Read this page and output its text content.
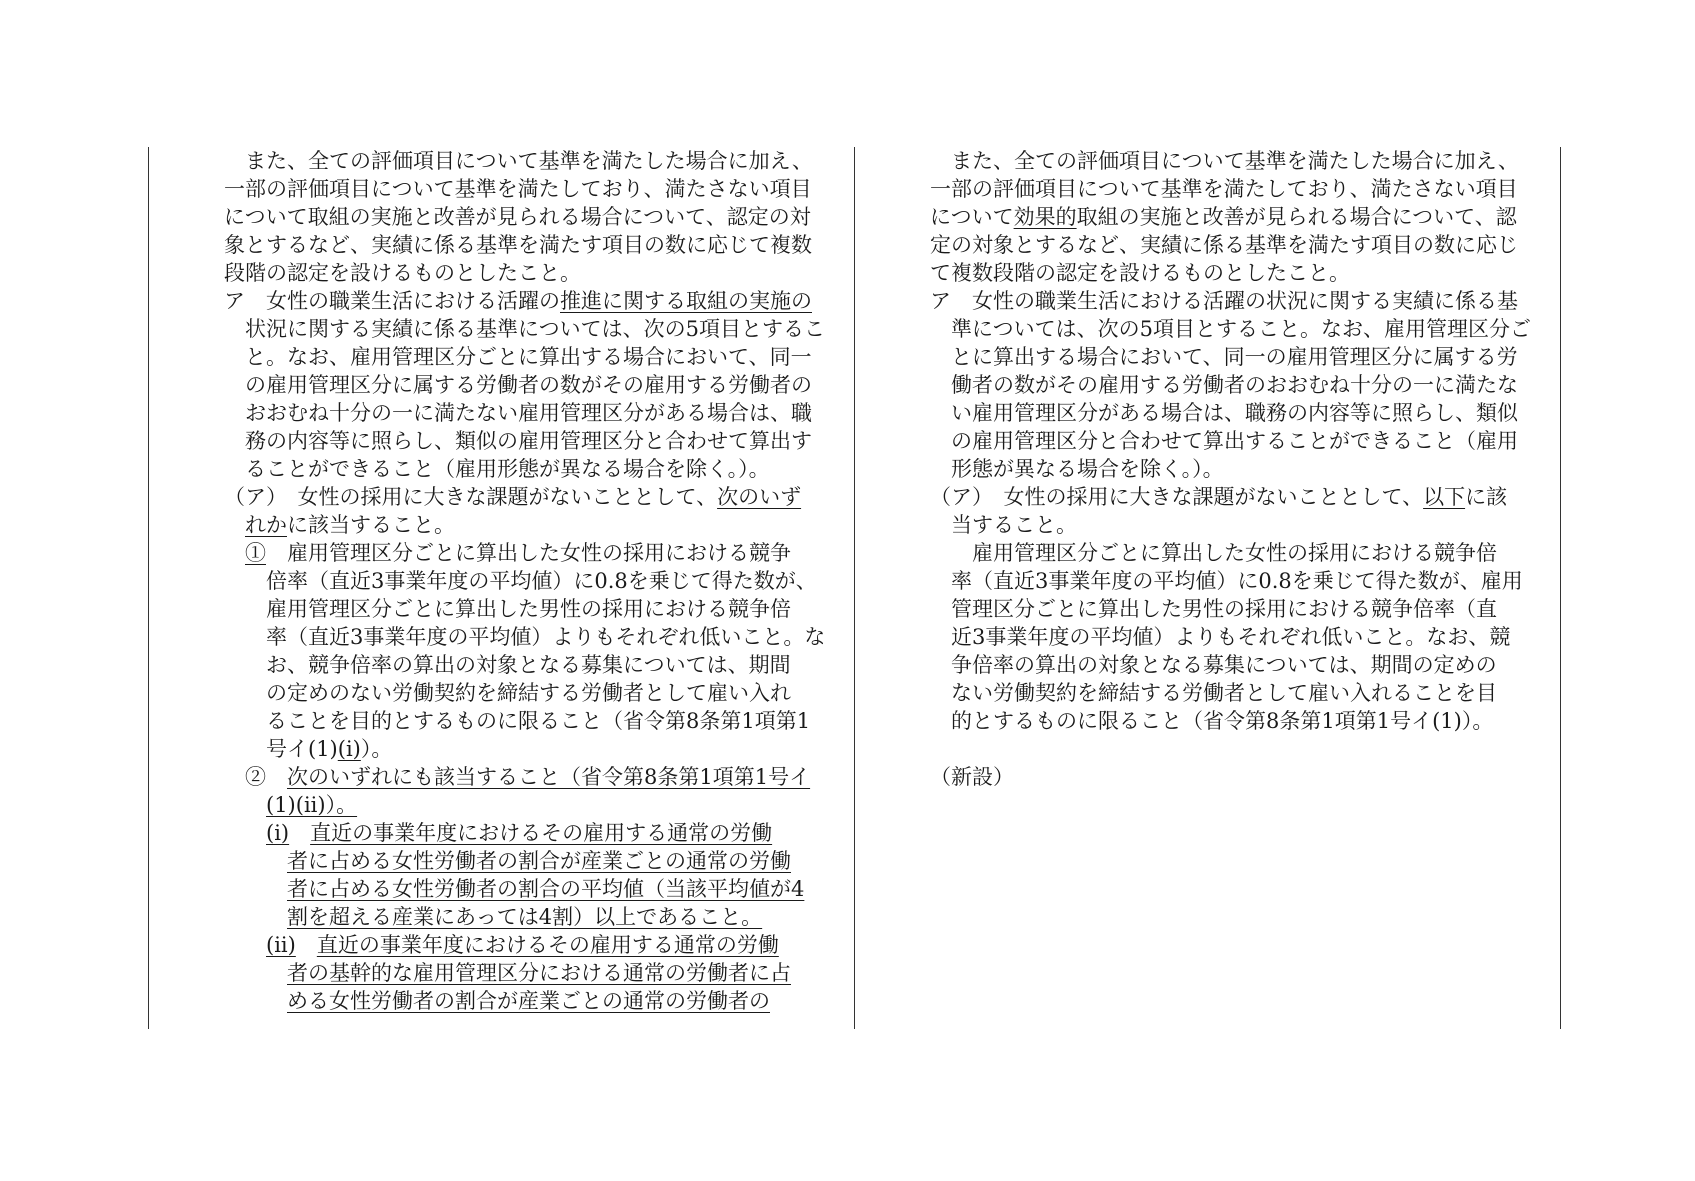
　また、全ての評価項目について基準を満たした場合に加え、
一部の評価項目について基準を満たしており、満たさない項目
について取組の実施と改善が見られる場合について、認定の対
象とするなど、実績に係る基準を満たす項目の数に応じて複数
段階の認定を設けるものとしたこと。
ア　女性の職業生活における活躍の推進に関する取組の実施の
　状況に関する実績に係る基準については、次の5項目とするこ
　と。なお、雇用管理区分ごとに算出する場合において、同一
　の雇用管理区分に属する労働者の数がその雇用する労働者の
　おおむね十分の一に満たない雇用管理区分がある場合は、職
　務の内容等に照らし、類似の雇用管理区分と合わせて算出す
　ることができること（雇用形態が異なる場合を除く。）。
（ア）　女性の採用に大きな課題がないこととして、次のいず
　れかに該当すること。
　①　雇用管理区分ごとに算出した女性の採用における競争
　　倍率（直近3事業年度の平均値）に0.8を乗じて得た数が、
　　雇用管理区分ごとに算出した男性の採用における競争倍
　　率（直近3事業年度の平均値）よりもそれぞれ低いこと。な
　　お、競争倍率の算出の対象となる募集については、期間
　　の定めのない労働契約を締結する労働者として雇い入れ
　　ることを目的とするものに限ること（省令第8条第1項第1
　　号イ(1)(i)）。
　②　次のいずれにも該当すること（省令第8条第1項第1号イ
　　(1)(ii)）。
　　(i)　 直近の事業年度におけるその雇用する通常の労働
　　　者に占める女性労働者の割合が産業ごとの通常の労働
　　　者に占める女性労働者の割合の平均値（当該平均値が4
　　　割を超える産業にあっては4割）以上であること。
　　(ii)　 直近の事業年度におけるその雇用する通常の労働
　　　者の基幹的な雇用管理区分における通常の労働者に占
　　　める女性労働者の割合が産業ごとの通常の労働者の
　また、全ての評価項目について基準を満たした場合に加え、
一部の評価項目について基準を満たしており、満たさない項目
について効果的取組の実施と改善が見られる場合について、認
定の対象とするなど、実績に係る基準を満たす項目の数に応じ
て複数段階の認定を設けるものとしたこと。
ア　女性の職業生活における活躍の状況に関する実績に係る基
　準については、次の5項目とすること。なお、雇用管理区分ご
　とに算出する場合において、同一の雇用管理区分に属する労
　働者の数がその雇用する労働者のおおむね十分の一に満たな
　い雇用管理区分がある場合は、職務の内容等に照らし、類似
　の雇用管理区分と合わせて算出することができること（雇用
　形態が異なる場合を除く。）。
（ア）　女性の採用に大きな課題がないこととして、以下に該
　当すること。
　　雇用管理区分ごとに算出した女性の採用における競争倍
　率（直近3事業年度の平均値）に0.8を乗じて得た数が、雇用
　管理区分ごとに算出した男性の採用における競争倍率（直
　近3事業年度の平均値）よりもそれぞれ低いこと。なお、競
　争倍率の算出の対象となる募集については、期間の定めの
　ない労働契約を締結する労働者として雇い入れることを目
　的とするものに限ること（省令第8条第1項第1号イ(1)）。
（新設）
